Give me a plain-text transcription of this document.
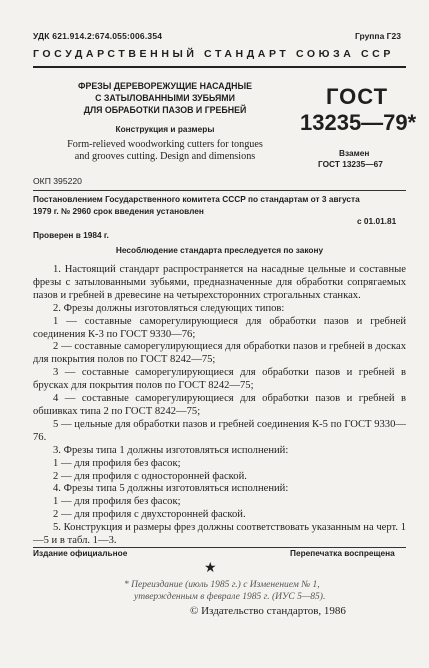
УДК 621.914.2:674.055:006.354	Группа Г23
ГОСУДАРСТВЕННЫЙ СТАНДАРТ СОЮЗА ССР
ФРЕЗЫ ДЕРЕВОРЕЖУЩИЕ НАСАДНЫЕ
С ЗАТЫЛОВАННЫМИ ЗУБЬЯМИ
ДЛЯ ОБРАБОТКИ ПАЗОВ И ГРЕБНЕЙ
Конструкция и размеры
Form-relieved woodworking cutters for tongues
and grooves cutting. Design and dimensions
ГОСТ
13235—79*
Взамен
ГОСТ 13235—67
ОКП 395220
Постановлением Государственного комитета СССР по стандартам от 3 августа
1979 г. № 2960 срок введения установлен
с 01.01.81
Проверен в 1984 г.
Несоблюдение стандарта преследуется по закону

1. Настоящий стандарт распространяется на насадные цельные и составные фрезы с затылованными зубьями, предназначенные для обработки сопрягаемых пазов и гребней в древесине на четырехсторонних строгальных станках.

2. Фрезы должны изготовляться следующих типов:

1 — составные саморегулирующиеся для обработки пазов и гребней соединения К-3 по ГОСТ 9330—76;

2 — составные саморегулирующиеся для обработки пазов и гребней в досках для покрытия полов по ГОСТ 8242—75;

3 — составные саморегулирующиеся для обработки пазов и гребней в брусках для покрытия полов по ГОСТ 8242—75;

4 — составные саморегулирующиеся для обработки пазов и гребней в обшивках типа 2 по ГОСТ 8242—75;

5 — цельные для обработки пазов и гребней соединения К-5 по ГОСТ 9330—76.

3. Фрезы типа 1 должны изготовляться исполнений:

1 — для профиля без фасок;

2 — для профиля с односторонней фаской.

4. Фрезы типа 5 должны изготовляться исполнений:

1 — для профиля без фасок;

2 — для профиля с двухсторонней фаской.

5. Конструкция и размеры фрез должны соответствовать указанным на черт. 1—5 и в табл. 1—3.

Издание официальное	Перепечатка воспрещена
★
* Переиздание (июль 1985 г.) с Изменением № 1,
утвержденным в феврале 1985 г. (ИУС 5—85).
© Издательство стандартов, 1986
